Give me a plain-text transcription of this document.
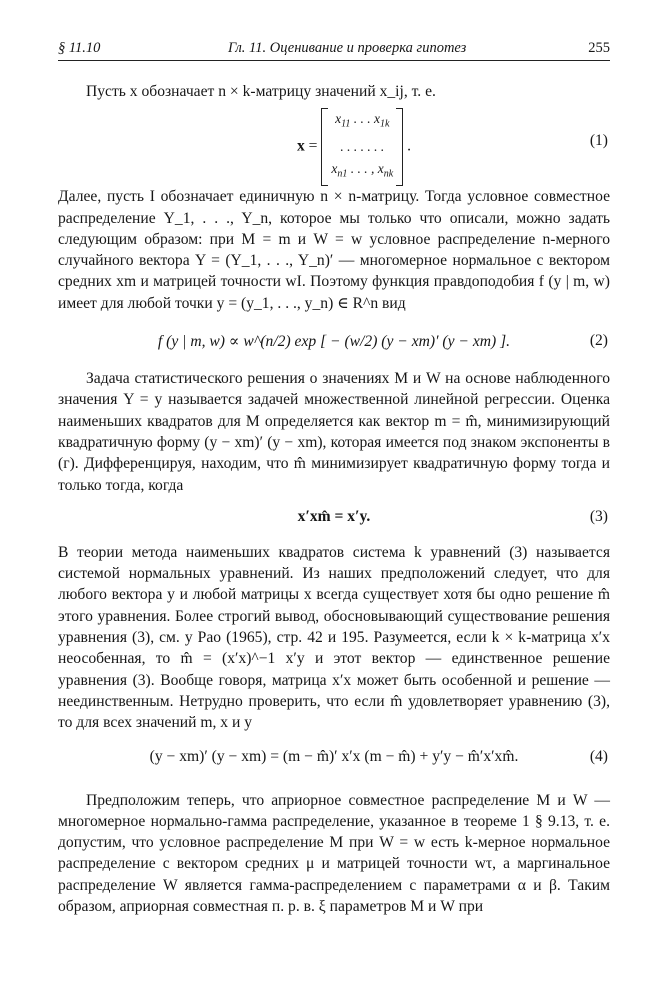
§ 11.10	Гл. 11. Оценивание и проверка гипотез	255

Пусть x обозначает n × k-матрицу значений x_ij, т. е.

x =
$x_{11}$ . . . $x_{1k}$
. . . . . . .
$x_{n1}$ . . . , $x_{nk}$
.	(1)

Далее, пусть I обозначает единичную n × n-матрицу. Тогда условное совместное распределение Y_1, . . ., Y_n, которое мы только что описали, можно задать следующим образом: при M = m и W = w условное распределение n-мерного случайного вектора Y = (Y_1, . . ., Y_n)′ — многомерное нормальное с вектором средних xm и матрицей точности wI. Поэтому функция правдоподобия f (y | m, w) имеет для любой точки y = (y_1, . . ., y_n) ∈ R^n вид

f (y | m, w) ∝ w^(n/2) exp [ − (w/2) (y − xm)′ (y − xm) ].	(2)

Задача статистического решения о значениях M и W на основе наблюденного значения Y = y называется задачей множественной линейной регрессии. Оценка наименьших квадратов для M определяется как вектор m = m̂, минимизирующий квадратичную форму (y − xm)′ (y − xm), которая имеется под знаком экспоненты в (г). Дифференцируя, находим, что m̂ минимизирует квадратичную форму тогда и только тогда, когда

x′xm̂ = x′y.	(3)

В теории метода наименьших квадратов система k уравнений (3) называется системой нормальных уравнений. Из наших предположений следует, что для любого вектора y и любой матрицы x всегда существует хотя бы одно решение m̂ этого уравнения. Более строгий вывод, обосновывающий существование решения уравнения (3), см. у Рао (1965), стр. 42 и 195. Разумеется, если k × k-матрица x′x неособенная, то m̂ = (x′x)^−1 x′y и этот вектор — единственное решение уравнения (3). Вообще говоря, матрица x′x может быть особенной и решение — неединственным. Нетрудно проверить, что если m̂ удовлетворяет уравнению (3), то для всех значений m, x и y

(y − xm)′ (y − xm) = (m − m̂)′ x′x (m − m̂) + y′y − m̂′x′xm̂.	(4)

Предположим теперь, что априорное совместное распределение M и W — многомерное нормально-гамма распределение, указанное в теореме 1 § 9.13, т. е. допустим, что условное распределение M при W = w есть k-мерное нормальное распределение с вектором средних μ и матрицей точности wτ, а маргинальное распределение W является гамма-распределением с параметрами α и β. Таким образом, априорная совместная п. р. в. ξ параметров M и W при
